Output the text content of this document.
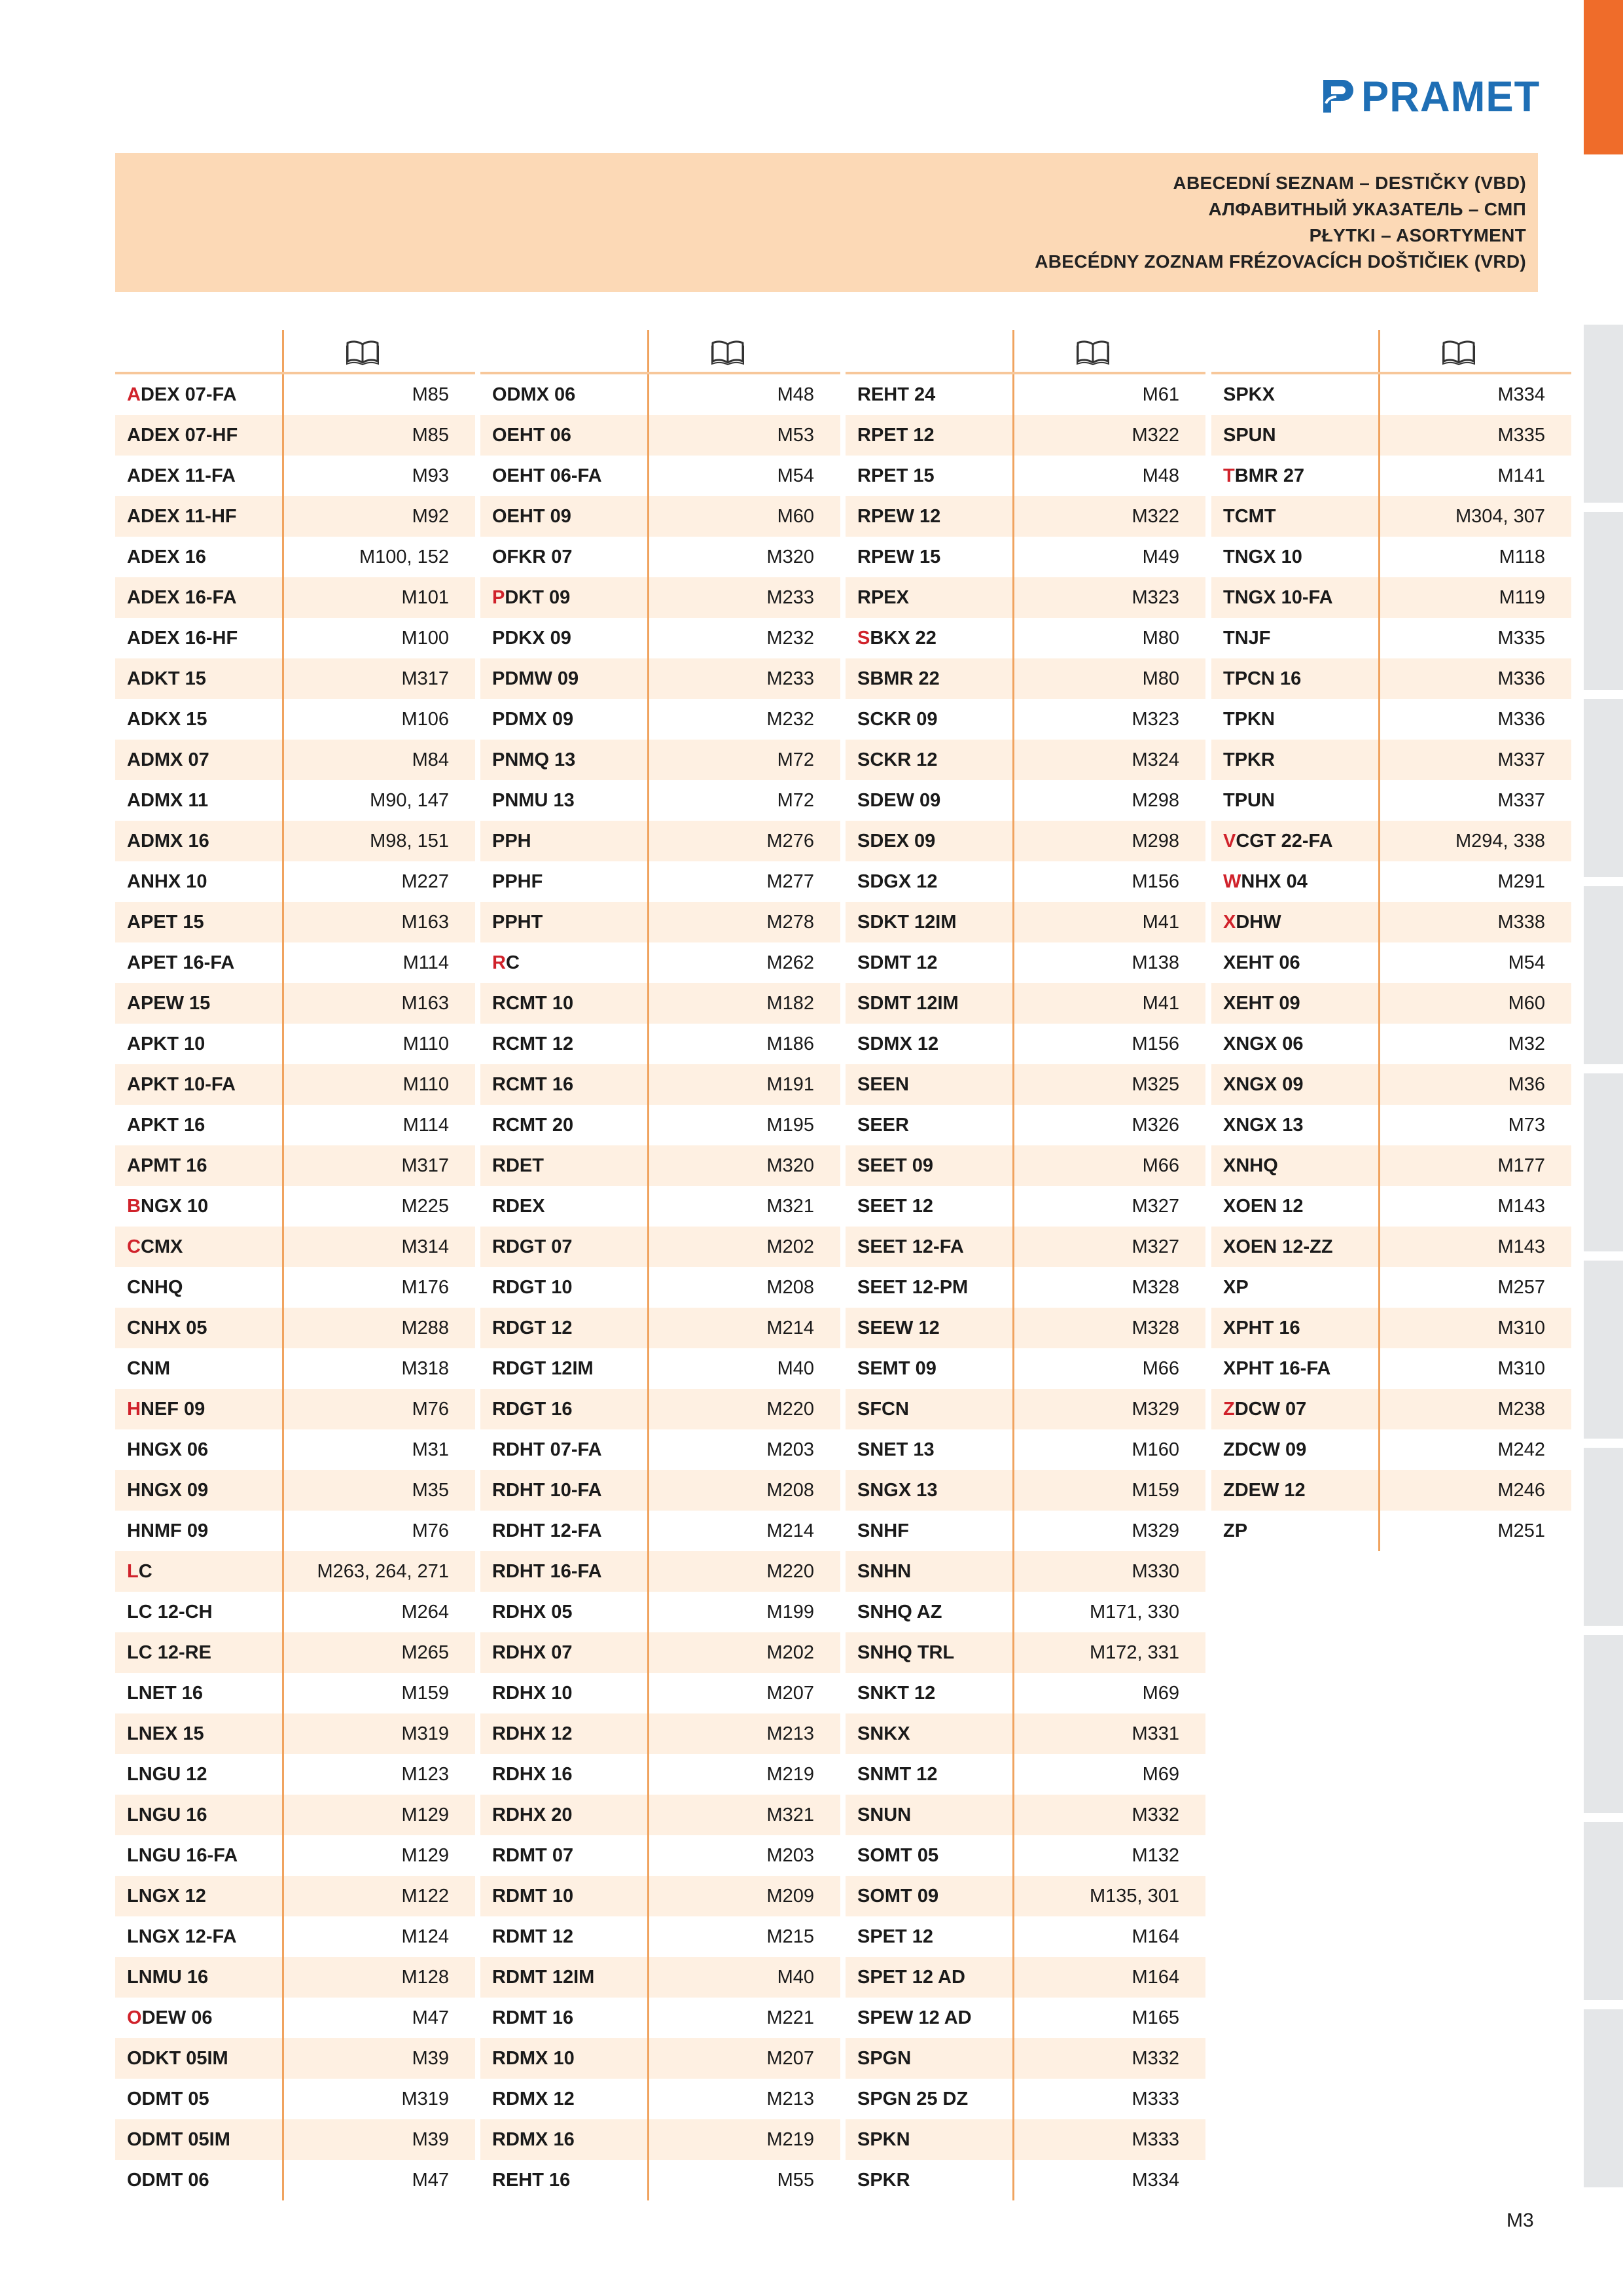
PRAMET
ABECEDNÍ SEZNAM – DESTIČKY (VBD)
АЛФАВИТНЫЙ УКАЗАТЕЛЬ – СМП
PŁYTKI – ASORTYMENT
ABECÉDNY ZOZNAM FRÉZOVACÍCH DOŠTIČIEK (VRD)
ADEX 07-FA	M85
ADEX 07-HF	M85
ADEX 11-FA	M93
ADEX 11-HF	M92
ADEX 16	M100, 152
ADEX 16-FA	M101
ADEX 16-HF	M100
ADKT 15	M317
ADKX 15	M106
ADMX 07	M84
ADMX 11	M90, 147
ADMX 16	M98, 151
ANHX 10	M227
APET 15	M163
APET 16-FA	M114
APEW 15	M163
APKT 10	M110
APKT 10-FA	M110
APKT 16	M114
APMT 16	M317
BNGX 10	M225
CCMX	M314
CNHQ	M176
CNHX 05	M288
CNM	M318
HNEF 09	M76
HNGX 06	M31
HNGX 09	M35
HNMF 09	M76
LC	M263, 264, 271
LC 12-CH	M264
LC 12-RE	M265
LNET 16	M159
LNEX 15	M319
LNGU 12	M123
LNGU 16	M129
LNGU 16-FA	M129
LNGX 12	M122
LNGX 12-FA	M124
LNMU 16	M128
ODEW 06	M47
ODKT 05IM	M39
ODMT 05	M319
ODMT 05IM	M39
ODMT 06	M47
ODMX 06	M48
OEHT 06	M53
OEHT 06-FA	M54
OEHT 09	M60
OFKR 07	M320
PDKT 09	M233
PDKX 09	M232
PDMW 09	M233
PDMX 09	M232
PNMQ 13	M72
PNMU 13	M72
PPH	M276
PPHF	M277
PPHT	M278
RC	M262
RCMT 10	M182
RCMT 12	M186
RCMT 16	M191
RCMT 20	M195
RDET	M320
RDEX	M321
RDGT 07	M202
RDGT 10	M208
RDGT 12	M214
RDGT 12IM	M40
RDGT 16	M220
RDHT 07-FA	M203
RDHT 10-FA	M208
RDHT 12-FA	M214
RDHT 16-FA	M220
RDHX 05	M199
RDHX 07	M202
RDHX 10	M207
RDHX 12	M213
RDHX 16	M219
RDHX 20	M321
RDMT 07	M203
RDMT 10	M209
RDMT 12	M215
RDMT 12IM	M40
RDMT 16	M221
RDMX 10	M207
RDMX 12	M213
RDMX 16	M219
REHT 16	M55
REHT 24	M61
RPET 12	M322
RPET 15	M48
RPEW 12	M322
RPEW 15	M49
RPEX	M323
SBKX 22	M80
SBMR 22	M80
SCKR 09	M323
SCKR 12	M324
SDEW 09	M298
SDEX 09	M298
SDGX 12	M156
SDKT 12IM	M41
SDMT 12	M138
SDMT 12IM	M41
SDMX 12	M156
SEEN	M325
SEER	M326
SEET 09	M66
SEET 12	M327
SEET 12-FA	M327
SEET 12-PM	M328
SEEW 12	M328
SEMT 09	M66
SFCN	M329
SNET 13	M160
SNGX 13	M159
SNHF	M329
SNHN	M330
SNHQ AZ	M171, 330
SNHQ TRL	M172, 331
SNKT 12	M69
SNKX	M331
SNMT 12	M69
SNUN	M332
SOMT 05	M132
SOMT 09	M135, 301
SPET 12	M164
SPET 12 AD	M164
SPEW 12 AD	M165
SPGN	M332
SPGN 25 DZ	M333
SPKN	M333
SPKR	M334
SPKX	M334
SPUN	M335
TBMR 27	M141
TCMT	M304, 307
TNGX 10	M118
TNGX 10-FA	M119
TNJF	M335
TPCN 16	M336
TPKN	M336
TPKR	M337
TPUN	M337
VCGT 22-FA	M294, 338
WNHX 04	M291
XDHW	M338
XEHT 06	M54
XEHT 09	M60
XNGX 06	M32
XNGX 09	M36
XNGX 13	M73
XNHQ	M177
XOEN 12	M143
XOEN 12-ZZ	M143
XP	M257
XPHT 16	M310
XPHT 16-FA	M310
ZDCW 07	M238
ZDCW 09	M242
ZDEW 12	M246
ZP	M251
M3
